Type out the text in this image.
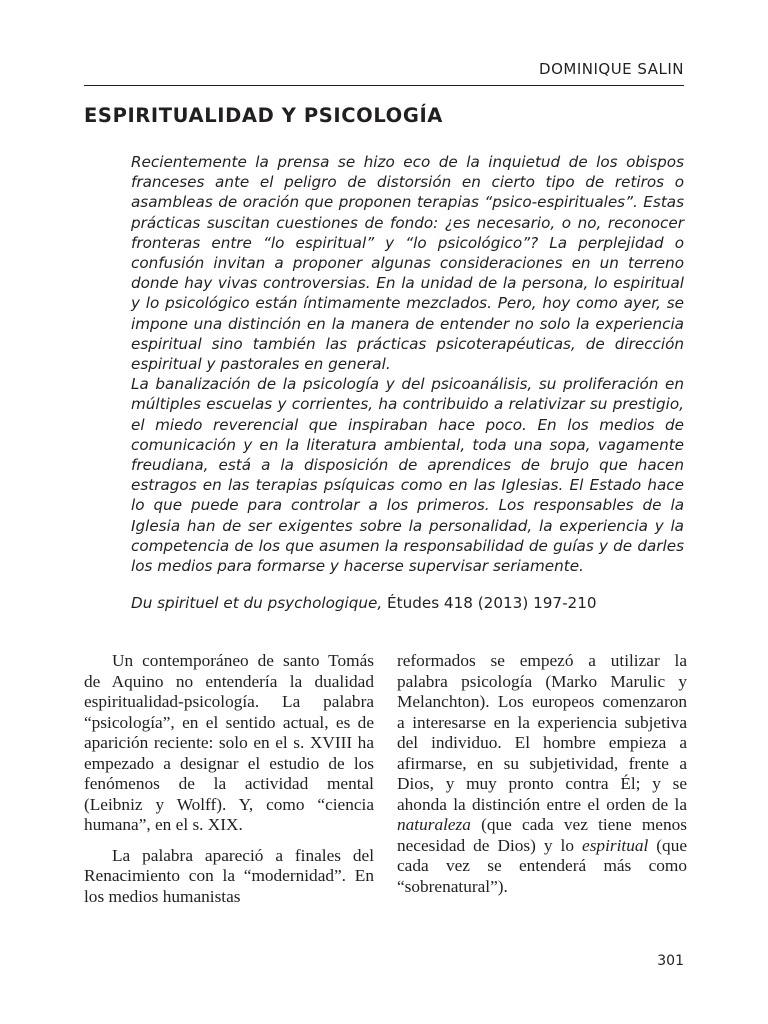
DOMINIQUE SALIN
ESPIRITUALIDAD Y PSICOLOGÍA

Recientemente la prensa se hizo eco de la inquietud de los obispos franceses ante el peligro de distorsión en cierto tipo de retiros o asambleas de oración que proponen terapias “psico-espirituales”. Estas prácticas suscitan cuestiones de fondo: ¿es necesario, o no, reconocer fronteras entre “lo espiritual” y “lo psicológico”? La perplejidad o confusión invitan a proponer algunas consideraciones en un terreno donde hay vivas controversias. En la unidad de la persona, lo espiritual y lo psicológico están íntimamente mezclados. Pero, hoy como ayer, se impone una distinción en la manera de entender no solo la experiencia espiritual sino también las prácticas psicoterapéuticas, de dirección espiritual y pastorales en general.

La banalización de la psicología y del psicoanálisis, su proliferación en múltiples escuelas y corrientes, ha contribuido a relativizar su prestigio, el miedo reverencial que inspiraban hace poco. En los medios de comunicación y en la literatura ambiental, toda una sopa, vagamente freudiana, está a la disposición de aprendices de brujo que hacen estragos en las terapias psíquicas como en las Iglesias. El Estado hace lo que puede para controlar a los primeros. Los responsables de la Iglesia han de ser exigentes sobre la personalidad, la experiencia y la competencia de los que asumen la responsabilidad de guías y de darles los medios para formarse y hacerse supervisar seriamente.

Du spirituel et du psychologique, Études 418 (2013) 197-210

Un contemporáneo de santo Tomás de Aquino no entendería la dualidad espiritualidad-psicología. La palabra “psicología”, en el sentido actual, es de aparición reciente: solo en el s. XVIII ha empezado a designar el estudio de los fenómenos de la actividad mental (Leibniz y Wolff). Y, como “ciencia humana”, en el s. XIX.

La palabra apareció a finales del Renacimiento con la “modernidad”. En los medios humanistas

reformados se empezó a utilizar la palabra psicología (Marko Marulic y Melanchton). Los europeos comenzaron a interesarse en la experiencia subjetiva del individuo. El hombre empieza a afirmarse, en su subjetividad, frente a Dios, y muy pronto contra Él; y se ahonda la distinción entre el orden de la naturaleza (que cada vez tiene menos necesidad de Dios) y lo espiritual (que cada vez se entenderá más como “sobrenatural”).

301
